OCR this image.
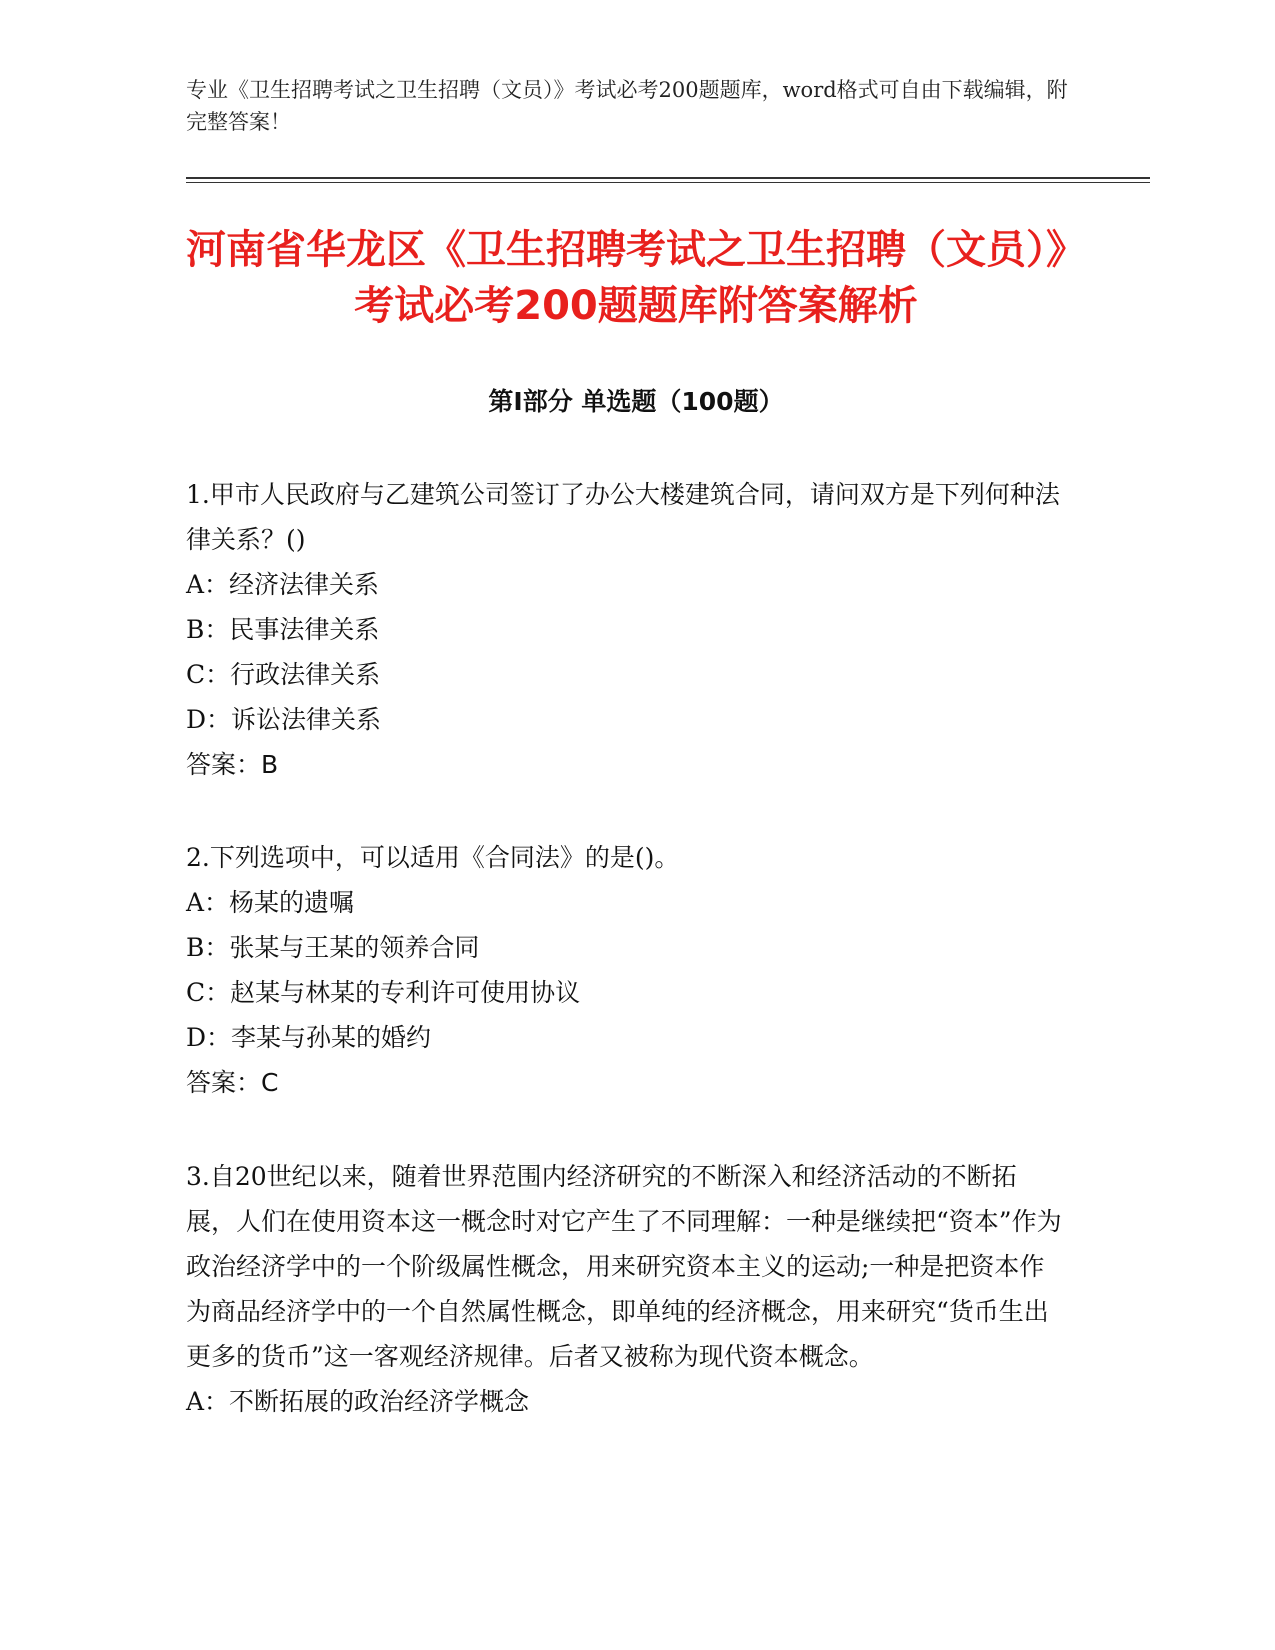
专业《卫生招聘考试之卫生招聘（文员）》考试必考200题题库，word格式可自由下载编辑，附完整答案！
河南省华龙区《卫生招聘考试之卫生招聘（文员）》考试必考200题题库附答案解析
第I部分 单选题（100题）

1.甲市人民政府与乙建筑公司签订了办公大楼建筑合同，请问双方是下列何种法律关系？()

A：经济法律关系

B：民事法律关系

C：行政法律关系

D：诉讼法律关系

答案：B

2.下列选项中，可以适用《合同法》的是()。

A：杨某的遗嘱

B：张某与王某的领养合同

C：赵某与林某的专利许可使用协议

D：李某与孙某的婚约

答案：C

3.自20世纪以来，随着世界范围内经济研究的不断深入和经济活动的不断拓展，人们在使用资本这一概念时对它产生了不同理解：一种是继续把“资本”作为政治经济学中的一个阶级属性概念，用来研究资本主义的运动;一种是把资本作为商品经济学中的一个自然属性概念，即单纯的经济概念，用来研究“货币生出更多的货币”这一客观经济规律。后者又被称为现代资本概念。

A：不断拓展的政治经济学概念
